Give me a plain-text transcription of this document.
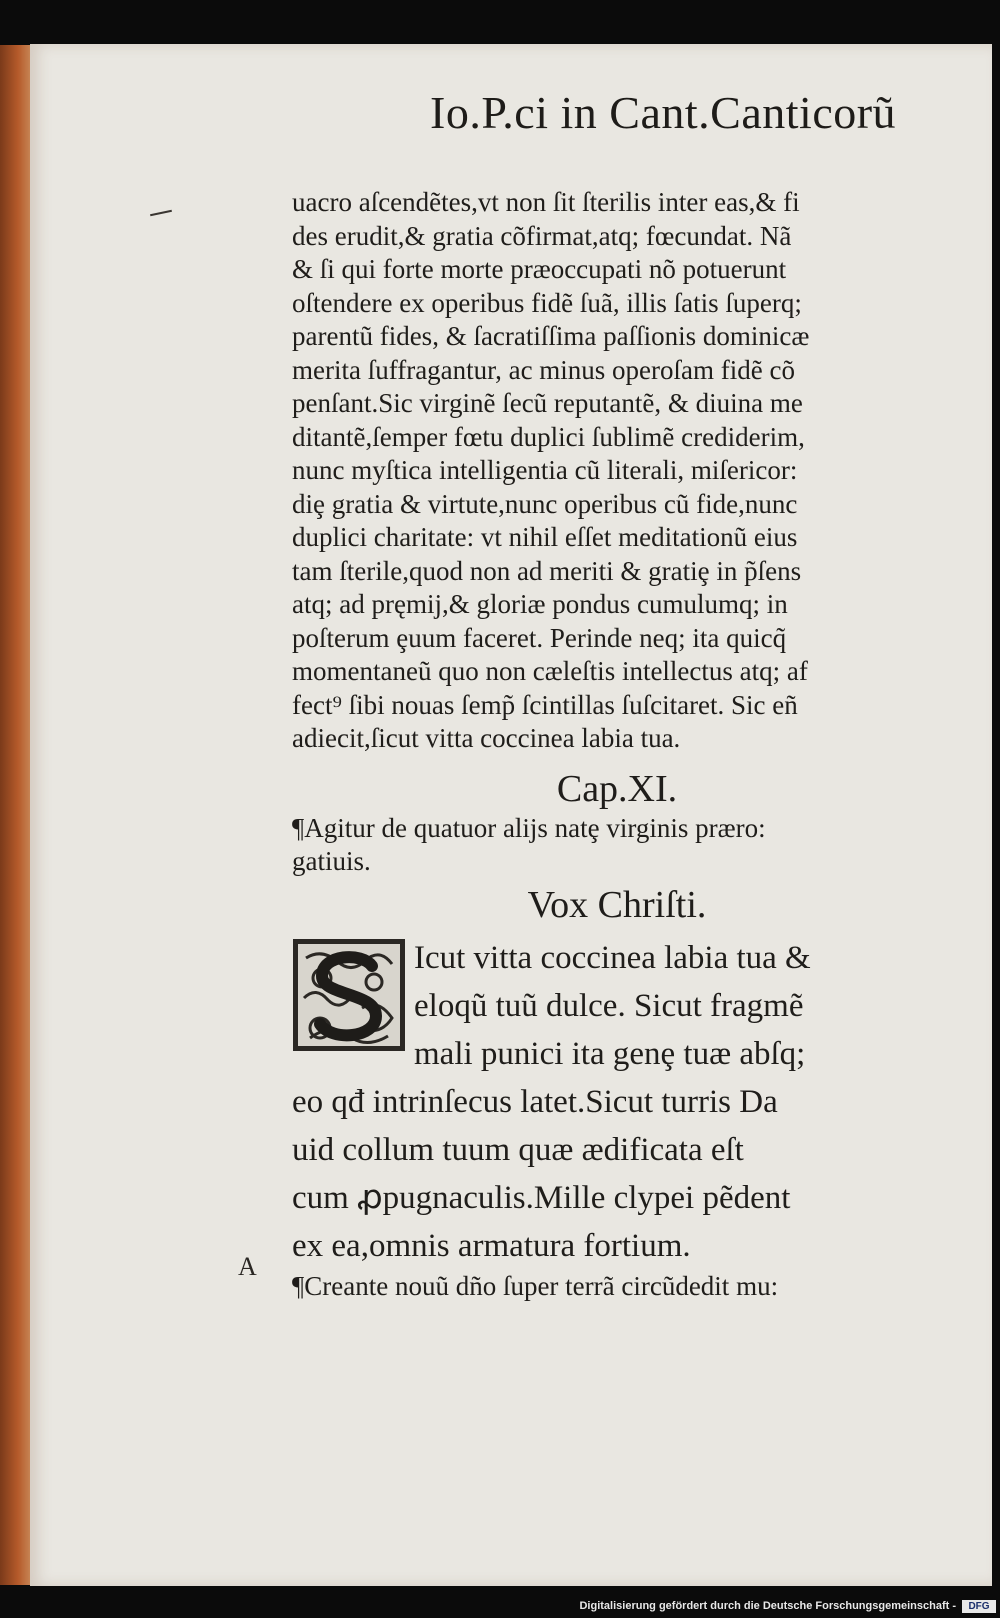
Io.P.ci in Cant.Canticorũ
uacro aſcendẽtes,vt non ſit ſterilis inter eas,& fi
des erudit,& gratia cõfirmat,atq; fœcundat. Nã
& ſi qui forte morte præoccupati nõ potuerunt
oſtendere ex operibus fidẽ ſuã, illis ſatis ſuperq;
parentũ fides, & ſacratiſſima paſſionis dominicæ
merita ſuffragantur, ac minus operoſam fidẽ cõ
penſant.Sic virginẽ ſecũ reputantẽ, & diuina me
ditantẽ,ſemper fœtu duplici ſublimẽ crediderim,
nunc myſtica intelligentia cũ literali, miſericor:
diȩ gratia & virtute,nunc operibus cũ fide,nunc
duplici charitate: vt nihil eſſet meditationũ eius
tam ſterile,quod non ad meriti & gratiȩ in p̃ſens
atq; ad pręmij,& gloriæ pondus cumulumq; in
poſterum ȩuum faceret. Perinde neq; ita quicq̃
momentaneũ quo non cæleſtis intellectus atq; af
fect⁹ ſibi nouas ſemp̃ ſcintillas ſuſcitaret. Sic eñ
adiecit,ſicut vitta coccinea labia tua.
Cap.XI.
¶Agitur de quatuor alijs natȩ virginis præro:
gatiuis.
Vox Chriſti.
Icut vitta coccinea labia tua &
eloqũ tuũ dulce. Sicut fragmẽ
mali punici ita genȩ tuæ abſq;
eo qđ intrinſecus latet.Sicut turris Da
uid collum tuum quæ ædificata eſt
cum ꝓpugnaculis.Mille clypei pẽdent
ex ea,omnis armatura fortium.
¶Creante nouũ dño ſuper terrã circũdedit mu:
A
Digitalisierung gefördert durch die Deutsche Forschungsgemeinschaft -	DFG
